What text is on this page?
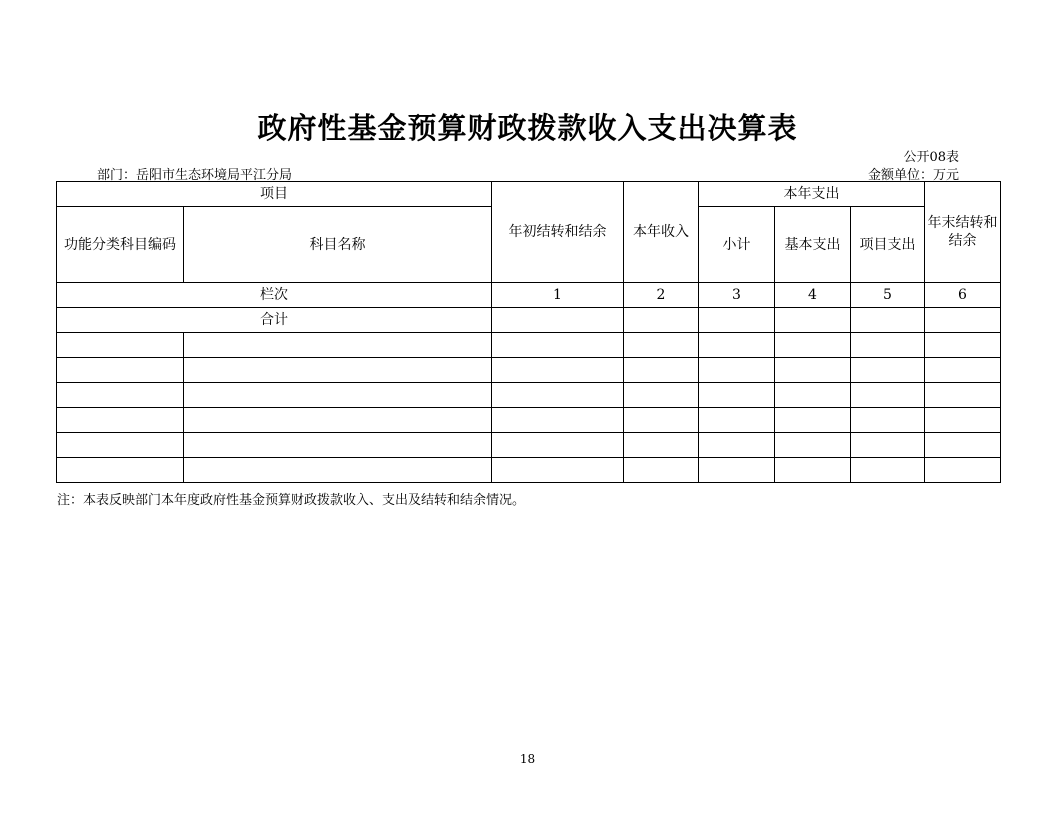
政府性基金预算财政拨款收入支出决算表
公开08表
部门：岳阳市生态环境局平江分局	金额单位：万元
项目		年初结转和结余	本年收入	本年支出			年末结转和结余
功能分类科目编码	科目名称			小计	基本支出	项目支出	
栏次		1	2	3	4	5	6
合计							

注：本表反映部门本年度政府性基金预算财政拨款收入、支出及结转和结余情况。
18
